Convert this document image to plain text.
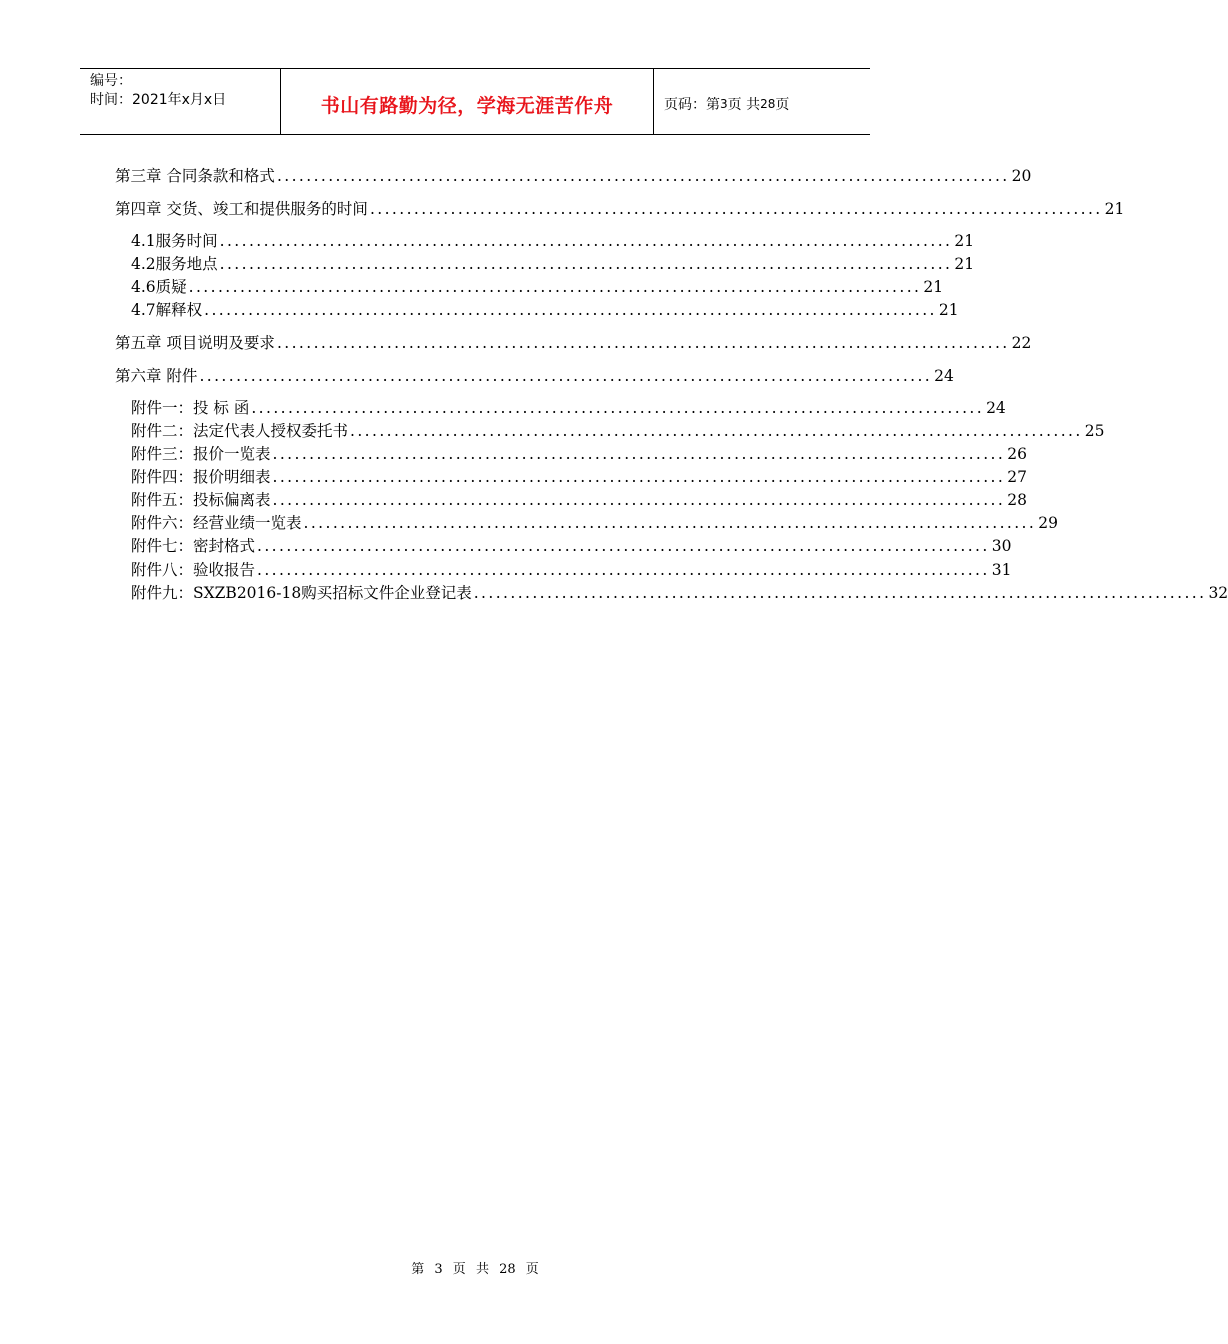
编号：
时间：2021年x月x日	书山有路勤为径，学海无涯苦作舟	页码：第 3 页 共 28 页
第三章 合同条款和格式 .................................................................................................... 20
第四章 交货、竣工和提供服务的时间 .................................................................................................... 21
4.1服务时间 .................................................................................................... 21
4.2服务地点 .................................................................................................... 21
4.6质疑 .................................................................................................... 21
4.7解释权 .................................................................................................... 21
第五章 项目说明及要求 .................................................................................................... 22
第六章 附件 .................................................................................................... 24
附件一：投 标 函 .................................................................................................... 24
附件二：法定代表人授权委托书 .................................................................................................... 25
附件三：报价一览表 .................................................................................................... 26
附件四：报价明细表 .................................................................................................... 27
附件五：投标偏离表 .................................................................................................... 28
附件六：经营业绩一览表 .................................................................................................... 29
附件七：密封格式 .................................................................................................... 30
附件八：验收报告 .................................................................................................... 31
附件九：SXZB2016-18购买招标文件企业登记表 .................................................................................................... 32
第 3 页 共 28 页
